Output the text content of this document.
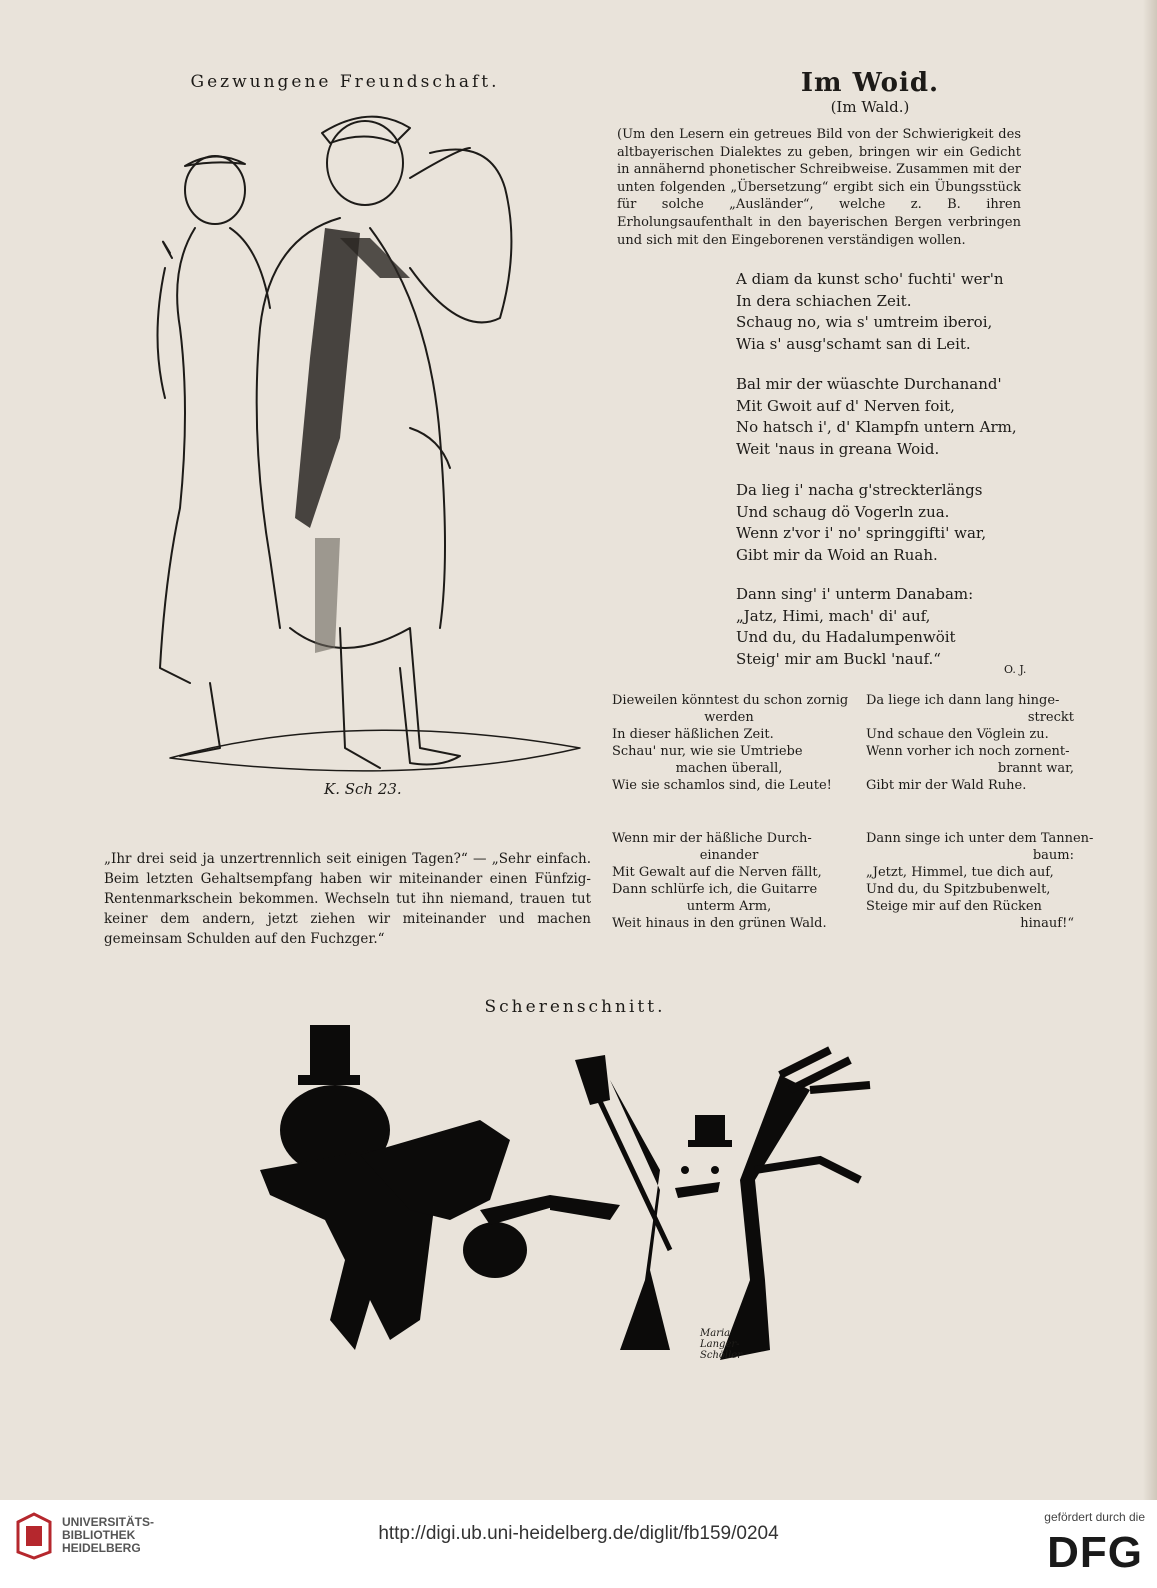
Gezwungene Freundschaft.	Im Woid.
(Im Wald.)
(Um den Lesern ein getreues Bild von der Schwierigkeit des altbayerischen Dialektes zu geben, bringen wir ein Gedicht in annähernd phonetischer Schreibweise. Zusammen mit der unten folgenden „Übersetzung“ ergibt sich ein Übungsstück für solche „Ausländer“, welche z. B. ihren Erholungsaufenthalt in den bayerischen Bergen verbringen und sich mit den Eingeborenen verständigen wollen.
A diam da kunst scho' fuchti' wer'n
In dera schiachen Zeit.
Schaug no, wia s' umtreim iberoi,
Wia s' ausg'schamt san di Leit.
Bal mir der wüaschte Durchanand'
Mit Gwoit auf d' Nerven foit,
No hatsch i', d' Klampfn untern Arm,
Weit 'naus in greana Woid.
Da lieg i' nacha g'streckterlängs
Und schaug dö Vogerln zua.
Wenn z'vor i' no' springgifti' war,
Gibt mir da Woid an Ruah.
Dann sing' i' unterm Danabam:
„Jatz, Himi, mach' di' auf,
Und du, du Hadalumpenwöit
Steig' mir am Buckl 'nauf.“
O. J.
Dieweilen könntest du schon zornig
werden
In dieser häßlichen Zeit.
Schau' nur, wie sie Umtriebe
machen überall,
Wie sie schamlos sind, die Leute!
Wenn mir der häßliche Durch-
einander
Mit Gewalt auf die Nerven fällt,
Dann schlürfe ich, die Guitarre
unterm Arm,
Weit hinaus in den grünen Wald.
Da liege ich dann lang hinge-
streckt
Und schaue den Vöglein zu.
Wenn vorher ich noch zornent-
brannt war,
Gibt mir der Wald Ruhe.
Dann singe ich unter dem Tannen-
baum:
„Jetzt, Himmel, tue dich auf,
Und du, du Spitzbubenwelt,
Steige mir auf den Rücken
hinauf!“
K. Sch 23.
„Ihr drei seid ja unzertrennlich seit einigen Tagen?“ — „Sehr einfach. Beim letzten Gehaltsempfang haben wir miteinander einen Fünfzig-Rentenmarkschein bekommen. Wechseln tut ihn niemand, trauen tut keiner dem andern, jetzt ziehen wir miteinander und machen gemeinsam Schulden auf den Fuchzger.“
Scherenschnitt.
Maria
Langer-
Schöller
UNIVERSITÄTS-
BIBLIOTHEK
HEIDELBERG
http://digi.ub.uni-heidelberg.de/diglit/fb159/0204
gefördert durch die
DFG
